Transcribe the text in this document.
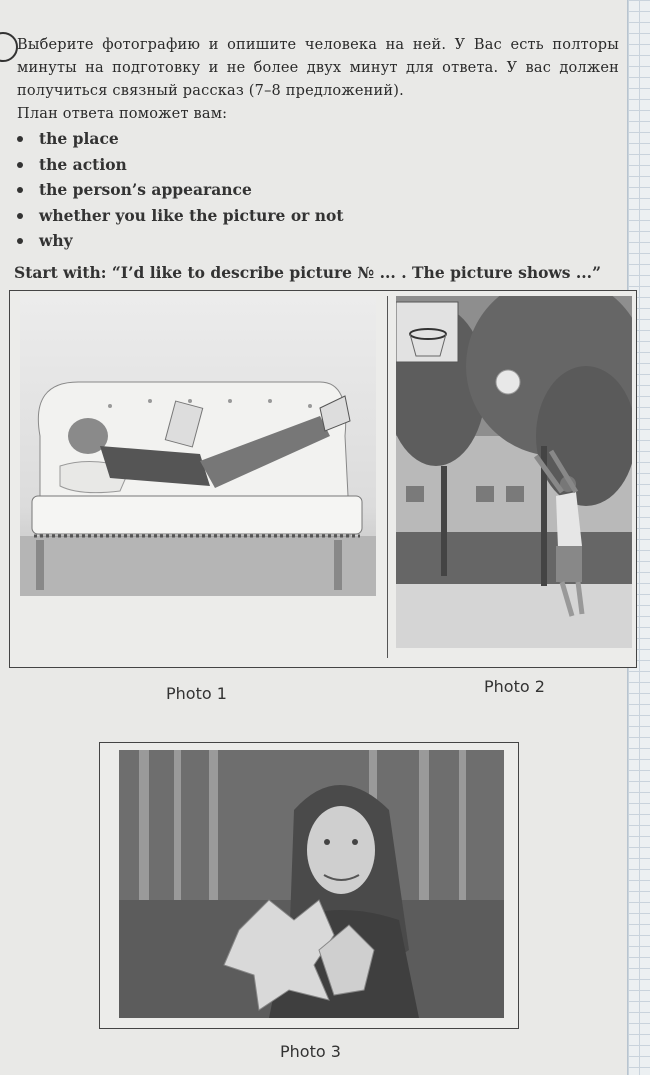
Выберите фотографию и опишите человека на ней. У Вас есть полторы минуты на подготовку и не более двух минут для ответа. У вас должен получиться связный рассказ (7–8 предложений).

План ответа поможет вам:

the place
the action
the person’s appearance
whether you like the picture or not
why
Start with: “I’d like to describe picture № ... . The picture shows ...”
Photo 1	Photo 2
Photo 3
